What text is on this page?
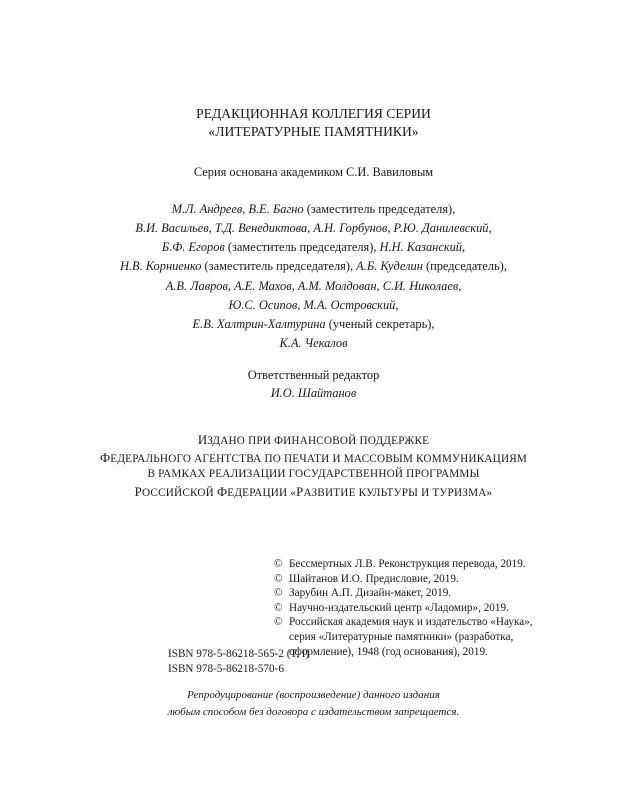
РЕДАКЦИОННАЯ КОЛЛЕГИЯ СЕРИИ
«ЛИТЕРАТУРНЫЕ ПАМЯТНИКИ»
Серия основана академиком С.И. Вавиловым
М.Л. Андреев, В.Е. Багно (заместитель председателя),
В.И. Васильев, Т.Д. Венедиктова, А.Н. Горбунов, Р.Ю. Данилевский,
Б.Ф. Егоров (заместитель председателя), Н.Н. Казанский,
Н.В. Корниенко (заместитель председателя), А.Б. Куделин (председатель),
А.В. Лавров, А.Е. Махов, А.М. Молдован, С.И. Николаев,
Ю.С. Осипов, М.А. Островский,
Е.В. Халтрин-Халтурина (ученый секретарь),
К.А. Чекалов
Ответственный редактор
И.О. Шайтанов
ИЗДАНО ПРИ ФИНАНСОВОЙ ПОДДЕРЖКЕ
ФЕДЕРАЛЬНОГО АГЕНТСТВА ПО ПЕЧАТИ И МАССОВЫМ КОММУНИКАЦИЯМ
В РАМКАХ РЕАЛИЗАЦИИ ГОСУДАРСТВЕННОЙ ПРОГРАММЫ
РОССИЙСКОЙ ФЕДЕРАЦИИ «РАЗВИТИЕ КУЛЬТУРЫ И ТУРИЗМА»
© Бессмертных Л.В. Реконструкция перевода, 2019.
© Шайтанов И.О. Предисловие, 2019.
© Зарубин А.П. Дизайн-макет, 2019.
© Научно-издательский центр «Ладомир», 2019.
© Российская академия наук и издательство «Наука», серия «Литературные памятники» (разработка, оформление), 1948 (год основания), 2019.
ISBN 978-5-86218-565-2 (Т. I)
ISBN 978-5-86218-570-6
Репродуцирование (воспроизведение) данного издания
любым способом без договора с издательством запрещается.
